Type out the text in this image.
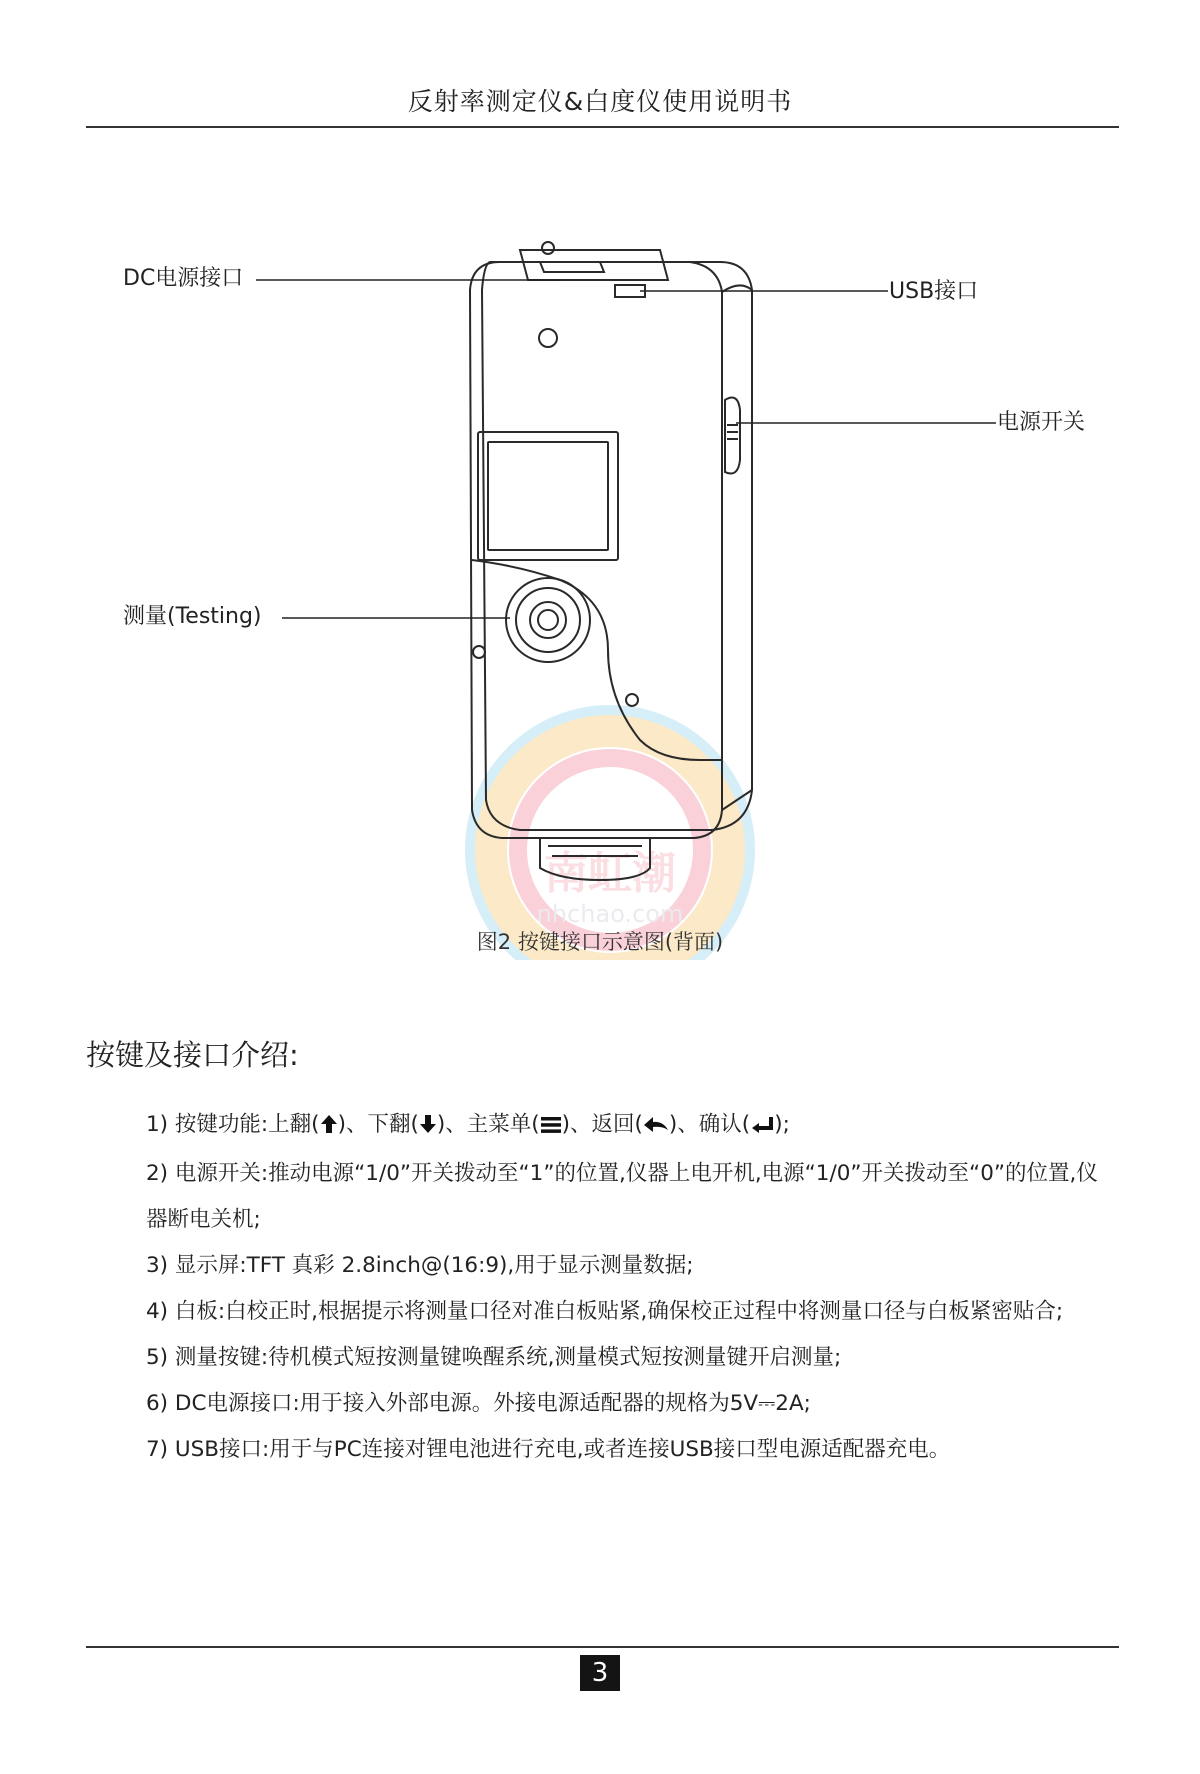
反射率测定仪&白度仪使用说明书
南虹潮
nhchao.com
DC电源接口
USB接口
电源开关
测量(Testing)
图2 按键接口示意图(背面)
按键及接口介绍:
1) 按键功能:上翻( )、下翻( )、主菜单( )、返回( )、确认( );
2) 电源开关:推动电源“1/0”开关拨动至“1”的位置,仪器上电开机,电源“1/0”开关拨动至“0”的位置,仪器断电关机;
3) 显示屏:TFT 真彩 2.8inch@(16:9),用于显示测量数据;
4) 白板:白校正时,根据提示将测量口径对准白板贴紧,确保校正过程中将测量口径与白板紧密贴合;
5) 测量按键:待机模式短按测量键唤醒系统,测量模式短按测量键开启测量;
6) DC电源接口:用于接入外部电源。外接电源适配器的规格为5V⎓2A;
7) USB接口:用于与PC连接对锂电池进行充电,或者连接USB接口型电源适配器充电。
3
